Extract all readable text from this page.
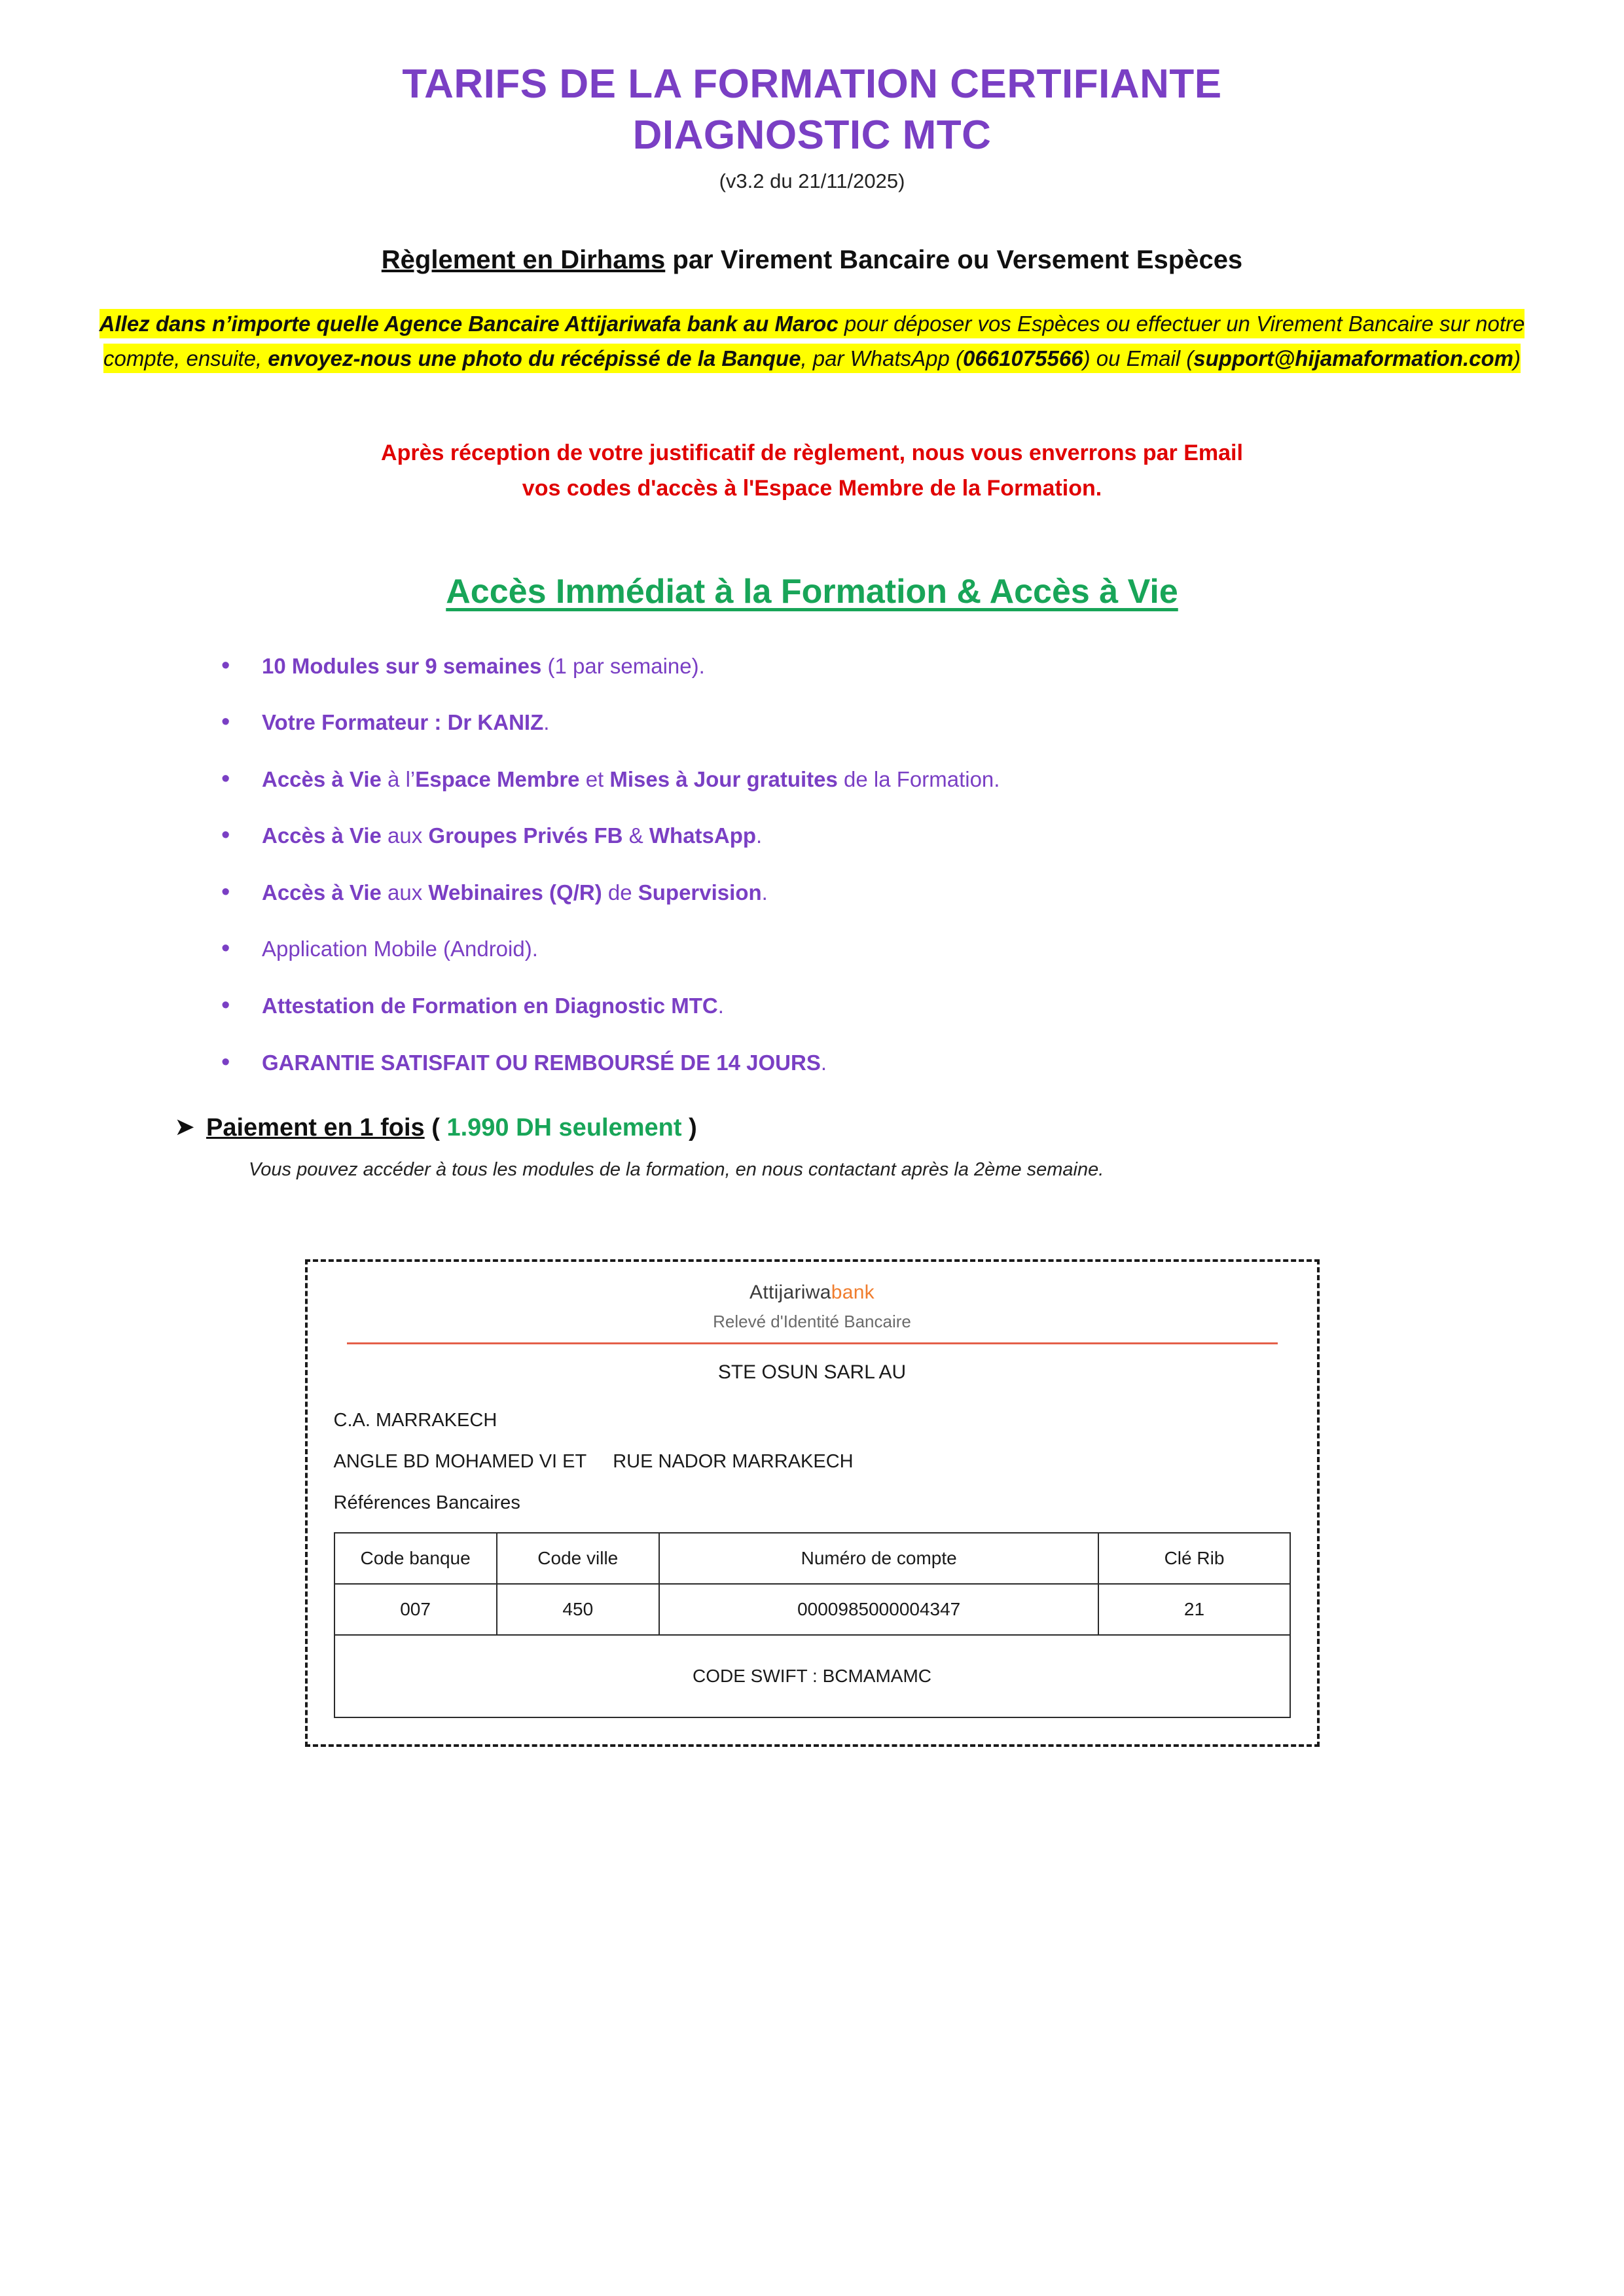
TARIFS DE LA FORMATION CERTIFIANTE
DIAGNOSTIC MTC
(v3.2 du 21/11/2025)
Règlement en Dirhams par Virement Bancaire ou Versement Espèces
Allez dans n’importe quelle Agence Bancaire Attijariwafa bank au Maroc pour déposer vos Espèces ou effectuer un Virement Bancaire sur notre compte, ensuite, envoyez-nous une photo du récépissé de la Banque, par WhatsApp (0661075566) ou Email (support@hijamaformation.com)
Après réception de votre justificatif de règlement, nous vous enverrons par Email
vos codes d'accès à l'Espace Membre de la Formation.
Accès Immédiat à la Formation & Accès à Vie
• 10 Modules sur 9 semaines (1 par semaine).
• Votre Formateur : Dr KANIZ.
• Accès à Vie à l’Espace Membre et Mises à Jour gratuites de la Formation.
• Accès à Vie aux Groupes Privés FB & WhatsApp.
• Accès à Vie aux Webinaires (Q/R) de Supervision.
• Application Mobile (Android).
• Attestation de Formation en Diagnostic MTC.
• GARANTIE SATISFAIT OU REMBOURSÉ DE 14 JOURS.
➤ Paiement en 1 fois ( 1.990 DH seulement )
Vous pouvez accéder à tous les modules de la formation, en nous contactant après la 2ème semaine.
Attijariwabank
Relevé d'Identité Bancaire
STE OSUN SARL AU
C.A. MARRAKECH
ANGLE BD MOHAMED VI ET RUE NADOR MARRAKECH
Références Bancaires
Code banque	Code ville	Numéro de compte	Clé Rib
007	450	0000985000004347	21
CODE SWIFT : BCMAMAMC			
